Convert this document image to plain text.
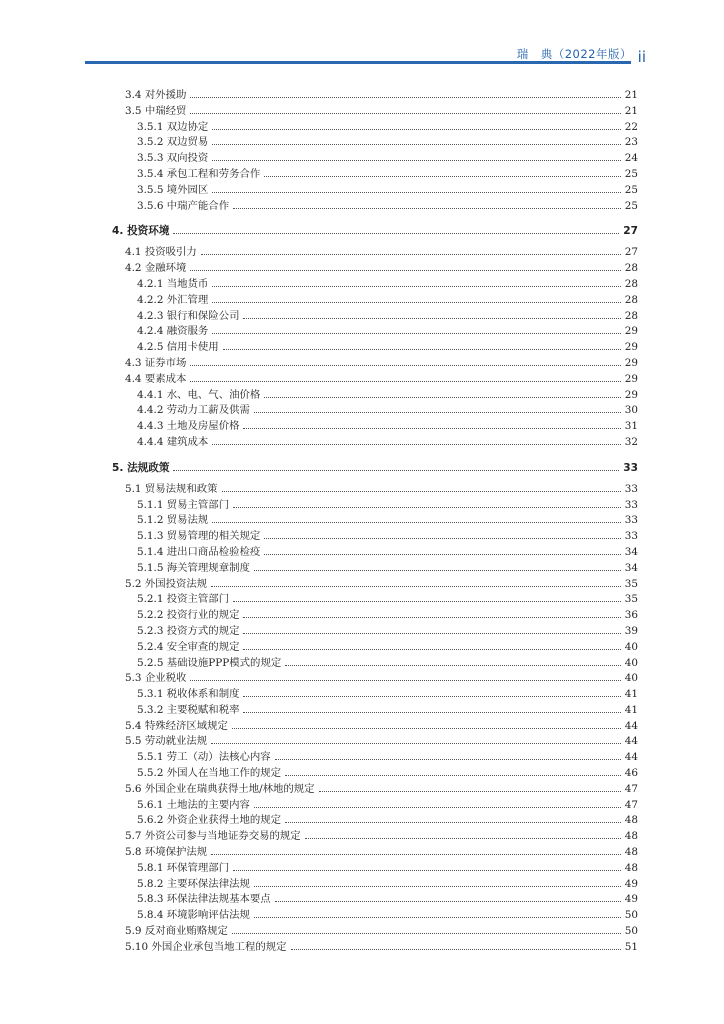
瑞　典（2022年版） ii
3.4 对外援助	21
3.5 中瑞经贸	21
3.5.1 双边协定	22
3.5.2 双边贸易	23
3.5.3 双向投资	24
3.5.4 承包工程和劳务合作	25
3.5.5 境外园区	25
3.5.6 中瑞产能合作	25
4. 投资环境	27
4.1 投资吸引力	27
4.2 金融环境	28
4.2.1 当地货币	28
4.2.2 外汇管理	28
4.2.3 银行和保险公司	28
4.2.4 融资服务	29
4.2.5 信用卡使用	29
4.3 证券市场	29
4.4 要素成本	29
4.4.1 水、电、气、油价格	29
4.4.2 劳动力工薪及供需	30
4.4.3 土地及房屋价格	31
4.4.4 建筑成本	32
5. 法规政策	33
5.1 贸易法规和政策	33
5.1.1 贸易主管部门	33
5.1.2 贸易法规	33
5.1.3 贸易管理的相关规定	33
5.1.4 进出口商品检验检疫	34
5.1.5 海关管理规章制度	34
5.2 外国投资法规	35
5.2.1 投资主管部门	35
5.2.2 投资行业的规定	36
5.2.3 投资方式的规定	39
5.2.4 安全审查的规定	40
5.2.5 基础设施PPP模式的规定	40
5.3 企业税收	40
5.3.1 税收体系和制度	41
5.3.2 主要税赋和税率	41
5.4 特殊经济区域规定	44
5.5 劳动就业法规	44
5.5.1 劳工（动）法核心内容	44
5.5.2 外国人在当地工作的规定	46
5.6 外国企业在瑞典获得土地/林地的规定	47
5.6.1 土地法的主要内容	47
5.6.2 外资企业获得土地的规定	48
5.7 外资公司参与当地证券交易的规定	48
5.8 环境保护法规	48
5.8.1 环保管理部门	48
5.8.2 主要环保法律法规	49
5.8.3 环保法律法规基本要点	49
5.8.4 环境影响评估法规	50
5.9 反对商业贿赂规定	50
5.10 外国企业承包当地工程的规定	51
